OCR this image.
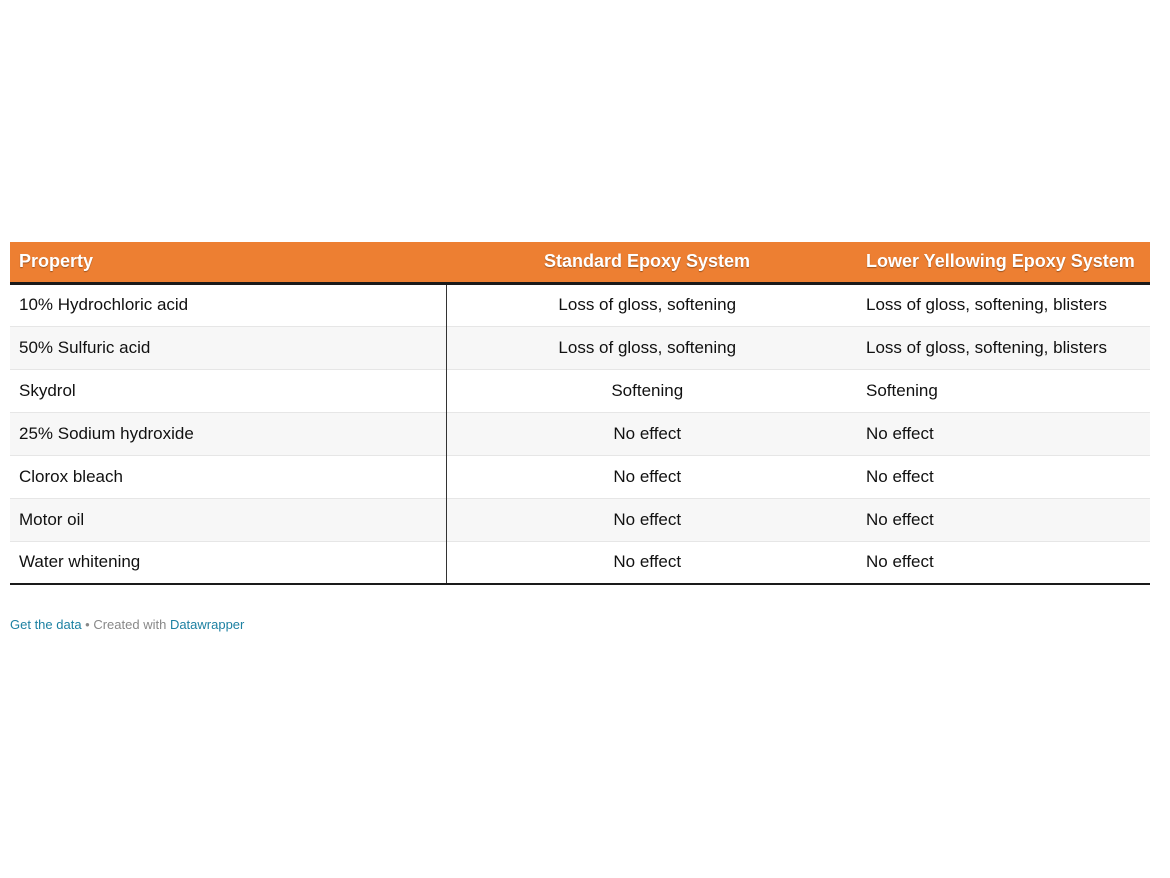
Property	Standard Epoxy System	Lower Yellowing Epoxy System
10% Hydrochloric acid	Loss of gloss, softening	Loss of gloss, softening, blisters
50% Sulfuric acid	Loss of gloss, softening	Loss of gloss, softening, blisters
Skydrol	Softening	Softening
25% Sodium hydroxide	No effect	No effect
Clorox bleach	No effect	No effect
Motor oil	No effect	No effect
Water whitening	No effect	No effect
Get the data • Created with Datawrapper
